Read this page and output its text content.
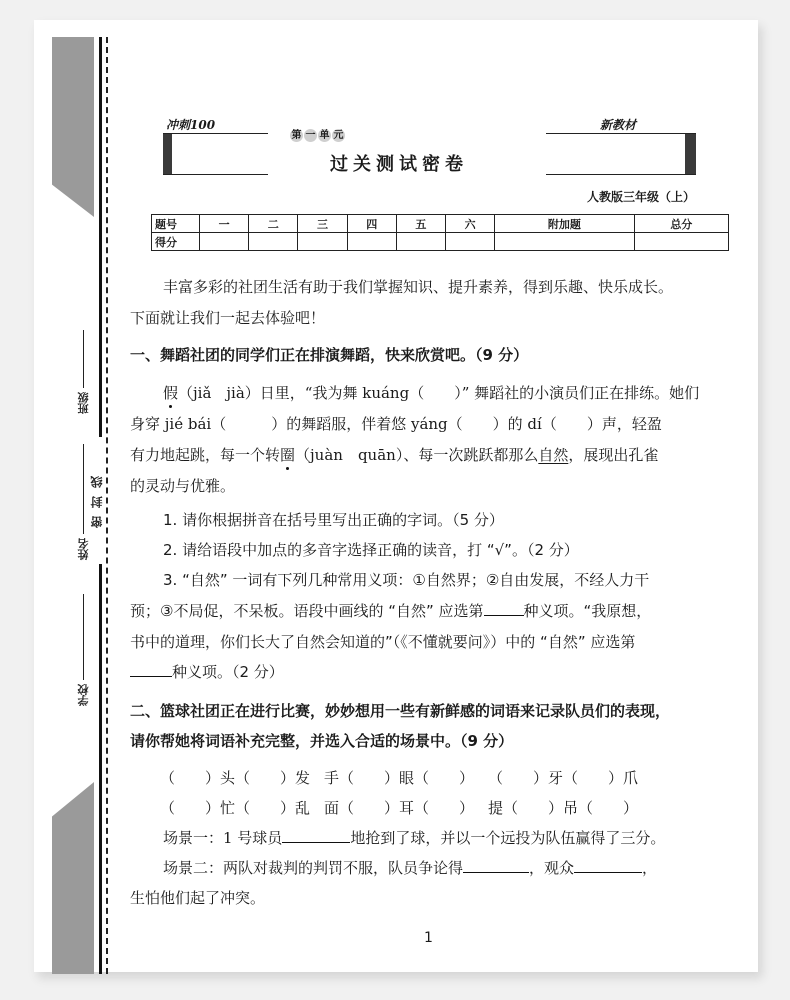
班级
姓名
密封线
学校
冲刺100	新教材
第 一 单 元
过关测试密卷
人教版三年级（上）
题号	一	二	三	四	五	六	附加题	总分
得分								
丰富多彩的社团生活有助于我们掌握知识、提升素养，得到乐趣、快乐成长。
下面就让我们一起去体验吧！
一、舞蹈社团的同学们正在排演舞蹈，快来欣赏吧。（9 分）
假（jiǎ　jià）日里，“我为舞 kuáng（　　）” 舞蹈社的小演员们正在排练。她们
身穿 jié bái（　　　）的舞蹈服，伴着悠 yáng（　　）的 dí（　　）声，轻盈
有力地起跳，每一个转圈（juàn　quān）、每一次跳跃都那么自然，展现出孔雀
的灵动与优雅。
1. 请你根据拼音在括号里写出正确的字词。（5 分）
2. 请给语段中加点的多音字选择正确的读音，打 “√”。（2 分）
3. “自然” 一词有下列几种常用义项：①自然界；②自由发展，不经人力干
预；③不局促，不呆板。语段中画线的 “自然” 应选第	种义项。“我原想，
书中的道理，你们长大了自然会知道的”（《不懂就要问》）中的 “自然” 应选第
种义项。（2 分）
二、篮球社团正在进行比赛，妙妙想用一些有新鲜感的词语来记录队员们的表现，
请你帮她将词语补充完整，并选入合适的场景中。（9 分）
（　　）头（　　）发 手（　　）眼（　　） （　　）牙（　　）爪
（　　）忙（　　）乱 面（　　）耳（　　） 提（　　）吊（　　）
场景一：1 号球员	地抢到了球，并以一个远投为队伍赢得了三分。
场景二：两队对裁判的判罚不服，队员争论得	，观众	，
生怕他们起了冲突。
1
